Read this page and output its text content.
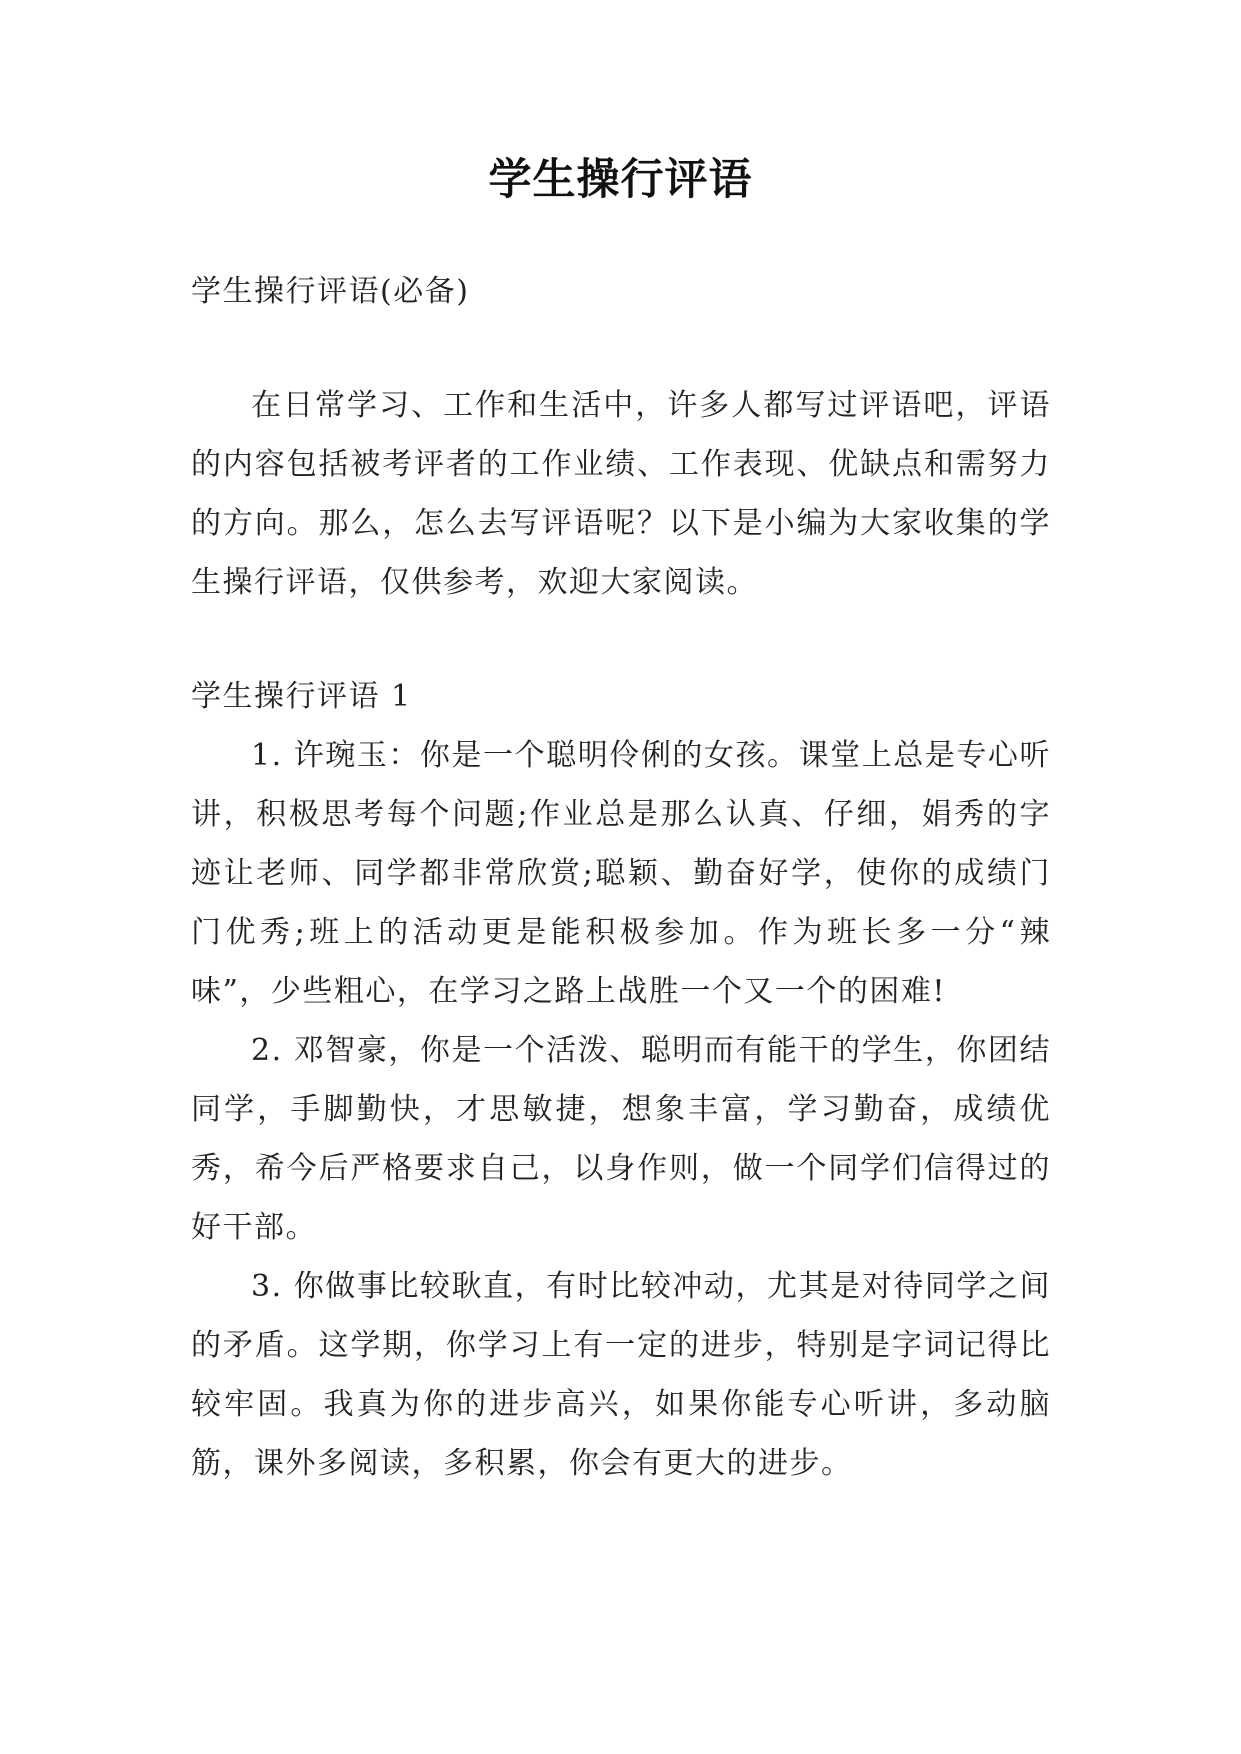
学生操行评语

学生操行评语(必备)

在日常学习、工作和生活中，许多人都写过评语吧，评语的内容包括被考评者的工作业绩、工作表现、优缺点和需努力的方向。那么，怎么去写评语呢？以下是小编为大家收集的学生操行评语，仅供参考，欢迎大家阅读。

学生操行评语 1

1. 许琬玉：你是一个聪明伶俐的女孩。课堂上总是专心听讲，积极思考每个问题;作业总是那么认真、仔细，娟秀的字迹让老师、同学都非常欣赏;聪颖、勤奋好学，使你的成绩门门优秀;班上的活动更是能积极参加。作为班长多一分“辣味”，少些粗心，在学习之路上战胜一个又一个的困难!

2. 邓智豪，你是一个活泼、聪明而有能干的学生，你团结同学，手脚勤快，才思敏捷，想象丰富，学习勤奋，成绩优秀，希今后严格要求自己，以身作则，做一个同学们信得过的好干部。

3. 你做事比较耿直，有时比较冲动，尤其是对待同学之间的矛盾。这学期，你学习上有一定的进步，特别是字词记得比较牢固。我真为你的进步高兴，如果你能专心听讲，多动脑筋，课外多阅读，多积累，你会有更大的进步。
